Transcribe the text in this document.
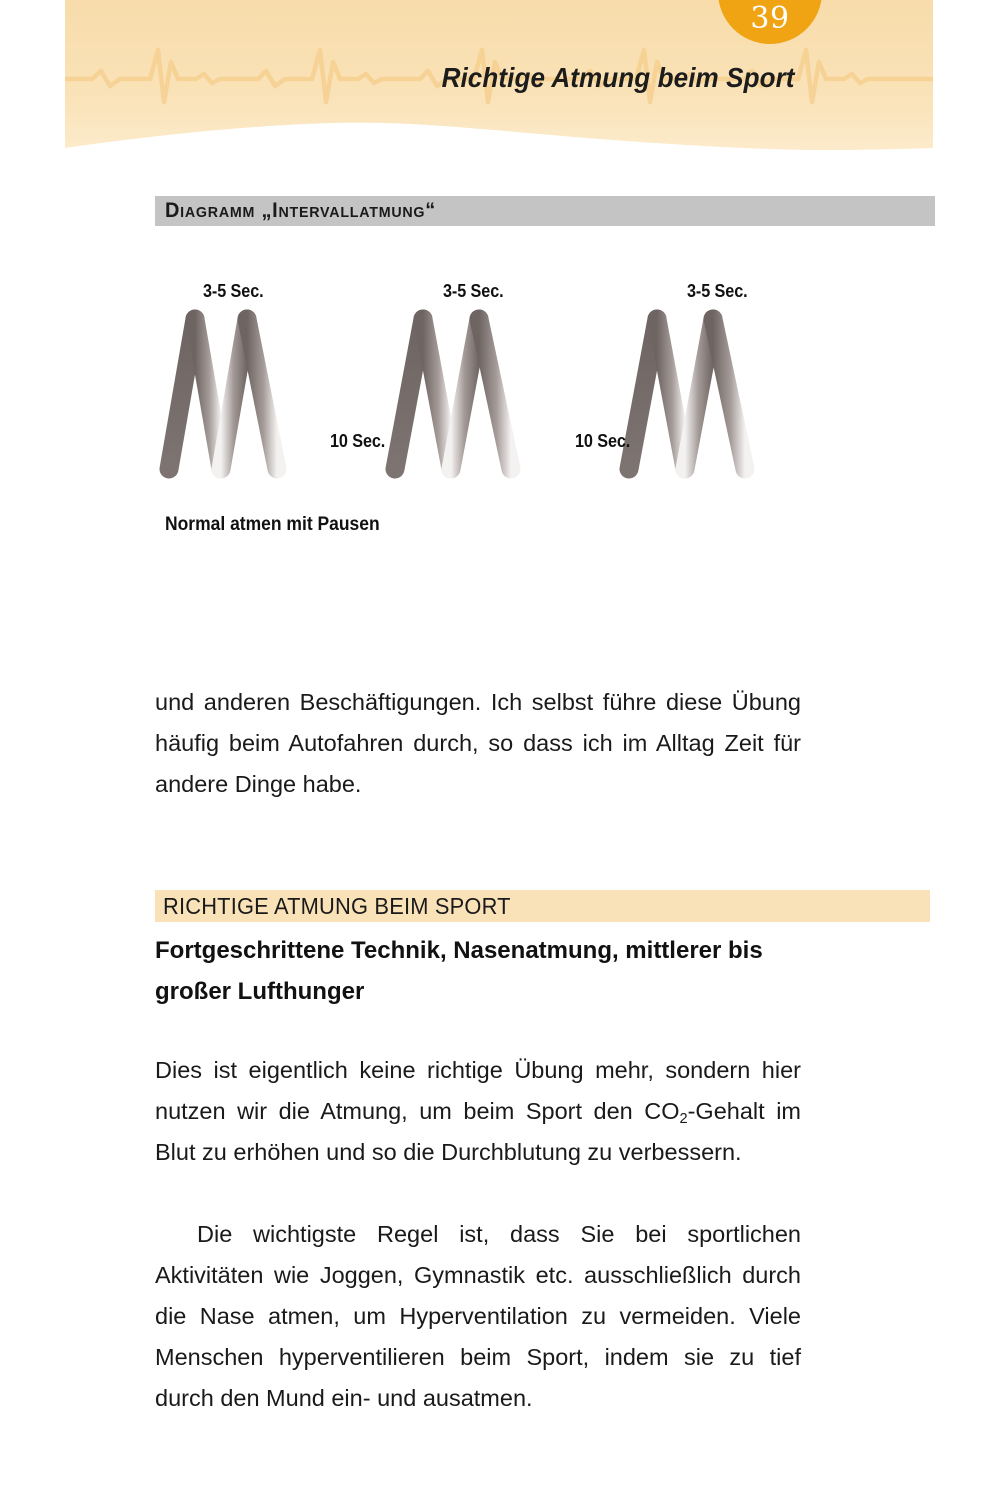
39
Richtige Atmung beim Sport
Diagramm „Intervallatmung“
3-5 Sec.	3-5 Sec.	3-5 Sec.
10 Sec.	10 Sec.
Normal atmen mit Pausen

und anderen Beschäftigungen. Ich selbst führe diese Übung häufig beim Autofahren durch, so dass ich im Alltag Zeit für andere Dinge habe.

RICHTIGE ATMUNG BEIM SPORT
Fortgeschrittene Technik, Nasenatmung, mittlerer bis großer Lufthunger

Dies ist eigentlich keine richtige Übung mehr, sondern hier nutzen wir die Atmung, um beim Sport den $CO_2$-Gehalt im Blut zu erhöhen und so die Durchblutung zu verbessern.

Die wichtigste Regel ist, dass Sie bei sportlichen Aktivitäten wie Joggen, Gymnastik etc. ausschließlich durch die Nase atmen, um Hyperventilation zu vermeiden. Viele Menschen hyperventilieren beim Sport, indem sie zu tief durch den Mund ein- und ausatmen.
